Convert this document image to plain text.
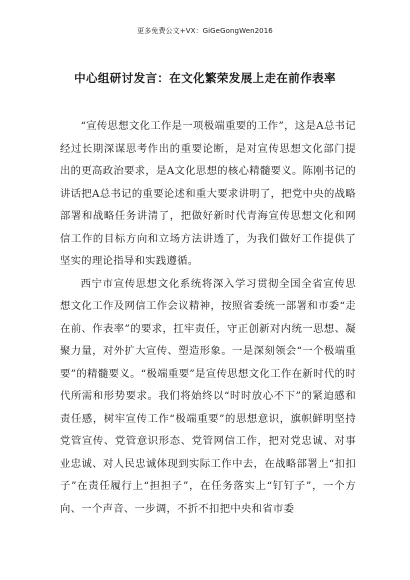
更多免费公文+VX：GiGeGongWen2016
中心组研讨发言：在文化繁荣发展上走在前作表率

“宣传思想文化工作是一项极端重要的工作”，这是A总书记经过长期深谋思考作出的重要论断，是对宣传思想文化部门提出的更高政治要求，是A文化思想的核心精髓要义。陈刚书记的讲话把A总书记的重要论述和重大要求讲明了，把党中央的战略部署和战略任务讲清了，把做好新时代青海宣传思想文化和网信工作的目标方向和立场方法讲透了，为我们做好工作提供了坚实的理论指导和实践遵循。

西宁市宣传思想文化系统将深入学习贯彻全国全省宣传思想文化工作及网信工作会议精神，按照省委统一部署和市委“走在前、作表率”的要求，扛牢责任，守正创新对内统一思想、凝聚力量，对外扩大宣传、塑造形象。一是深刻领会“一个极端重要”的精髓要义。“极端重要”是宣传思想文化工作在新时代的时代所需和形势要求。我们将始终以“时时放心不下”的紧迫感和责任感，树牢宣传工作“极端重要”的思想意识，旗帜鲜明坚持党管宣传、党管意识形态、党管网信工作，把对党忠诚、对事业忠诚、对人民忠诚体现到实际工作中去，在战略部署上“扣扣子”在责任履行上“担担子”，在任务落实上“钉钉子”，一个方向、一个声音、一步调，不折不扣把中央和省市委
